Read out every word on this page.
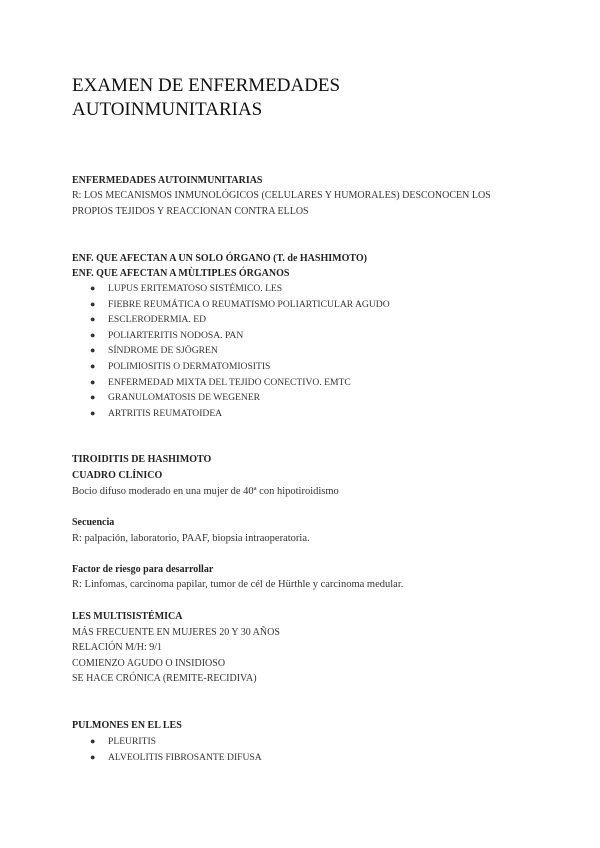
EXAMEN DE ENFERMEDADES
AUTOINMUNITARIAS
ENFERMEDADES AUTOINMUNITARIAS
R: LOS MECANISMOS INMUNOLÓGICOS (CELULARES Y HUMORALES) DESCONOCEN LOS
PROPIOS TEJIDOS Y REACCIONAN CONTRA ELLOS
ENF. QUE AFECTAN A UN SOLO ÓRGANO (T. de HASHIMOTO)
ENF. QUE AFECTAN A MÙLTIPLES ÓRGANOS
● LUPUS ERITEMATOSO SISTÉMICO. LES
● FIEBRE REUMÁTICA O REUMATISMO POLIARTICULAR AGUDO
● ESCLERODERMIA. ED
● POLIARTERITIS NODOSA. PAN
● SÍNDROME DE SJÖGREN
● POLIMIOSITIS O DERMATOMIOSITIS
● ENFERMEDAD MIXTA DEL TEJIDO CONECTIVO. EMTC
● GRANULOMATOSIS DE WEGENER
● ARTRITIS REUMATOIDEA
TIROIDITIS DE HASHIMOTO
CUADRO CLÍNICO
Bocio difuso moderado en una mujer de 40ª con hipotiroidismo
Secuencia
R: palpación, laboratorio, PAAF, biopsia intraoperatoria.
Factor de riesgo para desarrollar
R: Linfomas, carcinoma papilar, tumor de cél de Hürthle y carcinoma medular.
LES MULTISISTÉMICA
MÁS FRECUENTE EN MUJERES 20 Y 30 AÑOS
RELACIÓN M/H: 9/1
COMIENZO AGUDO O INSIDIOSO
SE HACE CRÓNICA (REMITE-RECIDIVA)
PULMONES EN EL LES
● PLEURITIS
● ALVEOLITIS FIBROSANTE DIFUSA
